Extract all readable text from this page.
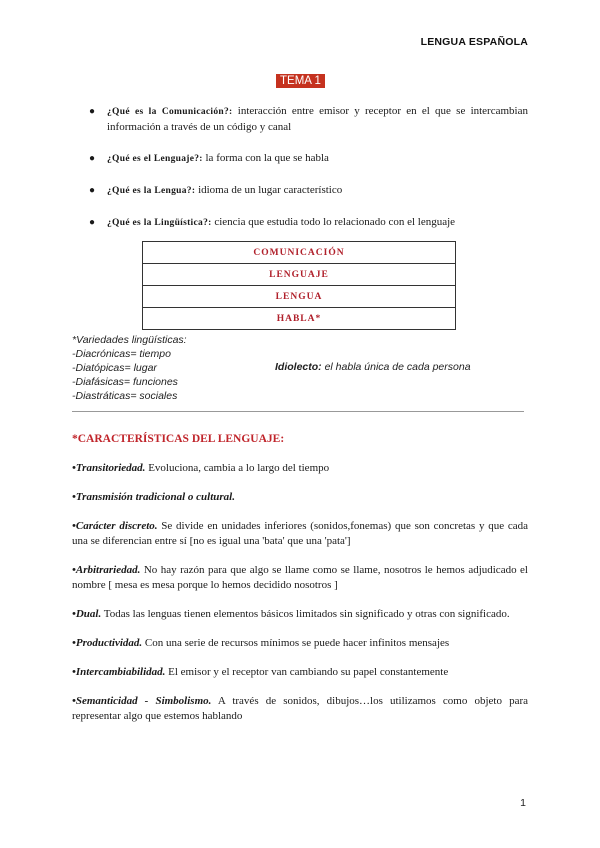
LENGUA ESPAÑOLA
TEMA 1
● ¿Qué es la Comunicación?: interacción entre emisor y receptor en el que se intercambian información a través de un código y canal
● ¿Qué es el Lenguaje?: la forma con la que se habla
● ¿Qué es la Lengua?: idioma de un lugar característico
● ¿Qué es la Lingüística?: ciencia que estudia todo lo relacionado con el lenguaje
COMUNICACIÓN
LENGUAJE
LENGUA
HABLA*
*Variedades lingüísticas:
-Diacrónicas= tiempo
-Diatópicas= lugar
-Diafásicas= funciones
-Diastráticas= sociales
Idiolecto: el habla única de cada persona
*CARACTERÍSTICAS DEL LENGUAJE:

•Transitoriedad. Evoluciona, cambia a lo largo del tiempo

•Transmisión tradicional o cultural.

•Carácter discreto. Se divide en unidades inferiores (sonidos,fonemas) que son concretas y que cada una se diferencian entre sí [no es igual una 'bata' que una 'pata']

•Arbitrariedad. No hay razón para que algo se llame como se llame, nosotros le hemos adjudicado el nombre [ mesa es mesa porque lo hemos decidido nosotros ]

•Dual. Todas las lenguas tienen elementos básicos limitados sin significado y otras con significado.

•Productividad. Con una serie de recursos mínimos se puede hacer infinitos mensajes

•Intercambiabilidad. El emisor y el receptor van cambiando su papel constantemente

•Semanticidad - Simbolismo. A través de sonidos, dibujos…los utilizamos como objeto para representar algo que estemos hablando

1
